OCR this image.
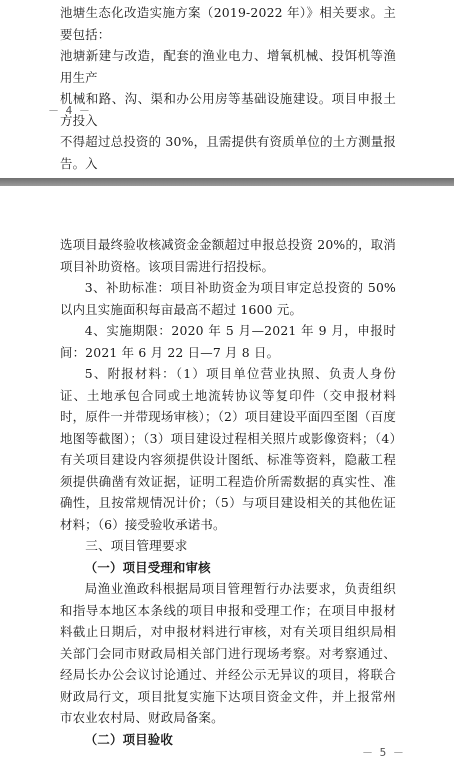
池塘生态化改造实施方案（2019-2022 年）》相关要求。主要包括：

池塘新建与改造，配套的渔业电力、增氧机械、投饵机等渔用生产

机械和路、沟、渠和办公用房等基础设施建设。项目申报土方投入

不得超过总投资的 30%，且需提供有资质单位的土方测量报告。入

－ 4 －

选项目最终验收核减资金金额超过申报总投资 20%的，取消项目补助资格。该项目需进行招投标。

3、补助标准：项目补助资金为项目审定总投资的 50%以内且实施面积每亩最高不超过 1600 元。

4、实施期限：2020 年 5 月—2021 年 9 月，申报时间：2021 年 6 月 22 日—7 月 8 日。

5、附报材料：（1）项目单位营业执照、负责人身份证、土地承包合同或土地流转协议等复印件（交申报材料时，原件一并带现场审核）；（2）项目建设平面四至图（百度地图等截图）；（3）项目建设过程相关照片或影像资料；（4）有关项目建设内容须提供设计图纸、标准等资料，隐蔽工程须提供确凿有效证据，证明工程造价所需数据的真实性、准确性，且按常规情况计价；（5）与项目建设相关的其他佐证材料；（6）接受验收承诺书。

三、项目管理要求

（一）项目受理和审核

局渔业渔政科根据局项目管理暂行办法要求，负责组织和指导本地区本条线的项目申报和受理工作；在项目申报材料截止日期后，对申报材料进行审核，对有关项目组织局相关部门会同市财政局相关部门进行现场考察。对考察通过、经局长办公会议讨论通过、并经公示无异议的项目，将联合财政局行文，项目批复实施下达项目资金文件，并上报常州市农业农村局、财政局备案。

（二）项目验收

－ 5 －
